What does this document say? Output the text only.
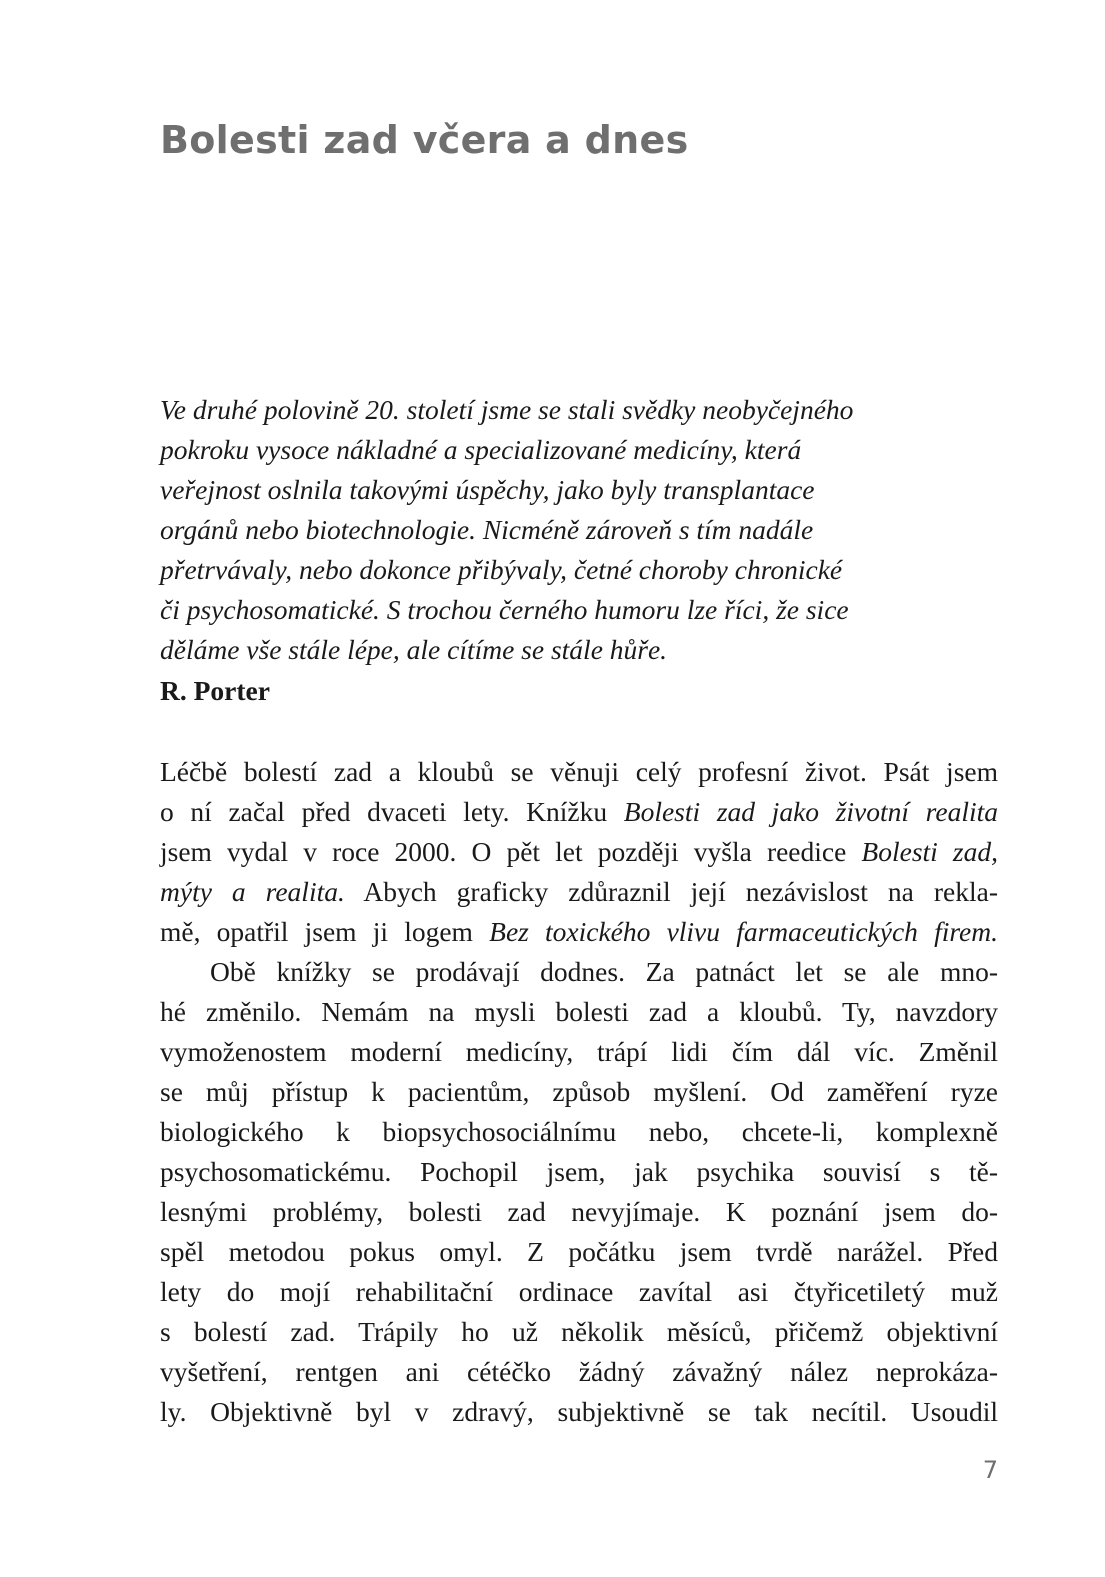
Bolesti zad včera a dnes
Ve druhé polovině 20. století jsme se stali svědky neobyčejného
pokroku vysoce nákladné a specializované medicíny, která
veřejnost oslnila takovými úspěchy, jako byly transplantace
orgánů nebo biotechnologie. Nicméně zároveň s tím nadále
přetrvávaly, nebo dokonce přibývaly, četné choroby chronické
či psychosomatické. S trochou černého humoru lze říci, že sice
děláme vše stále lépe, ale cítíme se stále hůře.
R. Porter
Léčbě bolestí zad a kloubů se věnuji celý profesní život. Psát jsem
o ní začal před dvaceti lety. Knížku Bolesti zad jako životní realita
jsem vydal v roce 2000. O pět let později vyšla reedice Bolesti zad,
mýty a realita. Abych graficky zdůraznil její nezávislost na rekla-
mě, opatřil jsem ji logem Bez toxického vlivu farmaceutických firem.
Obě knížky se prodávají dodnes. Za patnáct let se ale mno-
hé změnilo. Nemám na mysli bolesti zad a kloubů. Ty, navzdory
vymoženostem moderní medicíny, trápí lidi čím dál víc. Změnil
se můj přístup k pacientům, způsob myšlení. Od zaměření ryze
biologického k biopsychosociálnímu nebo, chcete-li, komplexně
psychosomatickému. Pochopil jsem, jak psychika souvisí s tě-
lesnými problémy, bolesti zad nevyjímaje. K poznání jsem do-
spěl metodou pokus omyl. Z počátku jsem tvrdě narážel. Před
lety do mojí rehabilitační ordinace zavítal asi čtyřicetiletý muž
s bolestí zad. Trápily ho už několik měsíců, přičemž objektivní
vyšetření, rentgen ani cétéčko žádný závažný nález neprokáza-
ly. Objektivně byl v zdravý, subjektivně se tak necítil. Usoudil
7
